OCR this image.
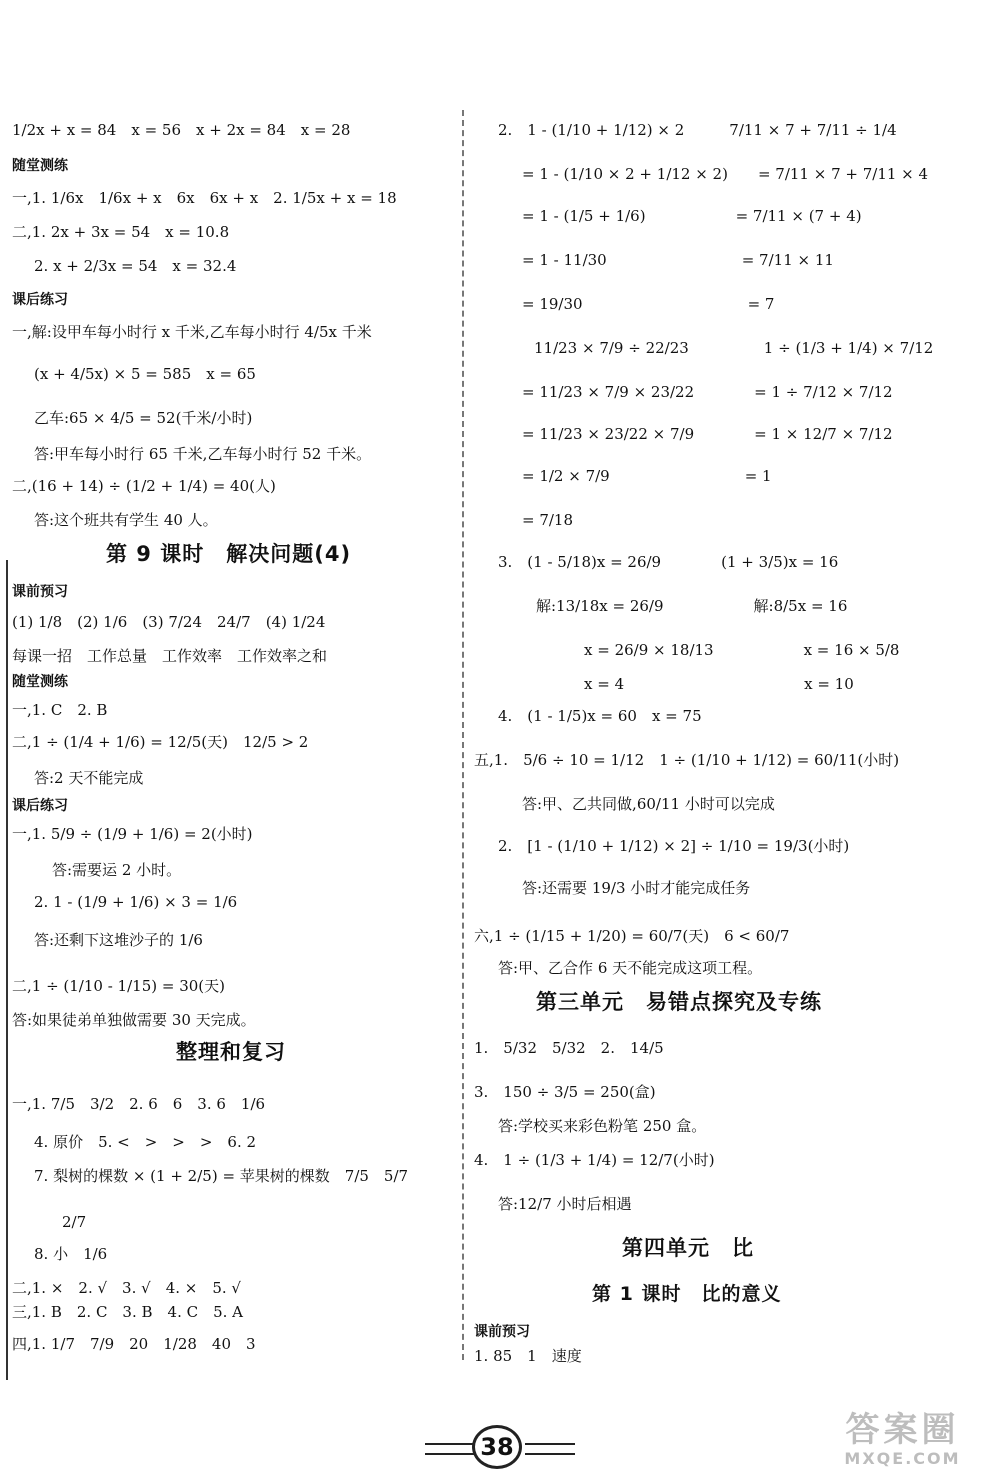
1/2x + x = 84　x = 56　x + 2x = 84　x = 28
随堂测练
一,1. 1/6x　1/6x + x　6x　6x + x　2. 1/5x + x = 18
二,1. 2x + 3x = 54　x = 10.8
2. x + 2/3x = 54　x = 32.4
课后练习
一,解:设甲车每小时行 x 千米,乙车每小时行 4/5x 千米
(x + 4/5x) × 5 = 585　x = 65
乙车:65 × 4/5 = 52(千米/小时)
答:甲车每小时行 65 千米,乙车每小时行 52 千米。
二,(16 + 14) ÷ (1/2 + 1/4) = 40(人)
答:这个班共有学生 40 人。
第 9 课时　解决问题(4)
课前预习
(1) 1/8　(2) 1/6　(3) 7/24　24/7　(4) 1/24
每课一招　工作总量　工作效率　工作效率之和
随堂测练
一,1. C　2. B
二,1 ÷ (1/4 + 1/6) = 12/5(天)　12/5 > 2
答:2 天不能完成
课后练习
一,1. 5/9 ÷ (1/9 + 1/6) = 2(小时)
答:需要运 2 小时。
2. 1 - (1/9 + 1/6) × 3 = 1/6
答:还剩下这堆沙子的 1/6
二,1 ÷ (1/10 - 1/15) = 30(天)
答:如果徒弟单独做需要 30 天完成。
整理和复习
一,1. 7/5　3/2　2. 6　6　3. 6　1/6
4. 原价　5. <　>　>　>　6. 2
7. 梨树的棵数 × (1 + 2/5) = 苹果树的棵数　7/5　5/7
2/7
8. 小　1/6
二,1. ×　2. √　3. √　4. ×　5. √
三,1. B　2. C　3. B　4. C　5. A
四,1. 1/7　7/9　20　1/28　40　3
2.　1 - (1/10 + 1/12) × 2　　　7/11 × 7 + 7/11 ÷ 1/4
= 1 - (1/10 × 2 + 1/12 × 2)　　= 7/11 × 7 + 7/11 × 4
= 1 - (1/5 + 1/6)　　　　　　= 7/11 × (7 + 4)
= 1 - 11/30　　　　　　　　　= 7/11 × 11
= 19/30　　　　　　　　　　　= 7
11/23 × 7/9 ÷ 22/23　　　　　1 ÷ (1/3 + 1/4) × 7/12
= 11/23 × 7/9 × 23/22　　　　= 1 ÷ 7/12 × 7/12
= 11/23 × 23/22 × 7/9　　　　= 1 × 12/7 × 7/12
= 1/2 × 7/9　　　　　　　　　= 1
= 7/18
3.　(1 - 5/18)x = 26/9　　　　(1 + 3/5)x = 16
解:13/18x = 26/9　　　　　　解:8/5x = 16
x = 26/9 × 18/13　　　　　　x = 16 × 5/8
x = 4　　　　　　　　　　　　x = 10
4.　(1 - 1/5)x = 60　x = 75
五,1.　5/6 ÷ 10 = 1/12　1 ÷ (1/10 + 1/12) = 60/11(小时)
答:甲、乙共同做,60/11 小时可以完成
2.　[1 - (1/10 + 1/12) × 2] ÷ 1/10 = 19/3(小时)
答:还需要 19/3 小时才能完成任务
六,1 ÷ (1/15 + 1/20) = 60/7(天)　6 < 60/7
答:甲、乙合作 6 天不能完成这项工程。
第三单元　易错点探究及专练
1.　5/32　5/32　2.　14/5
3.　150 ÷ 3/5 = 250(盒)
答:学校买来彩色粉笔 250 盒。
4.　1 ÷ (1/3 + 1/4) = 12/7(小时)
答:12/7 小时后相遇
第四单元　比
第 1 课时　比的意义
课前预习
1. 85　1　速度
38	答案圈
MXQE.COM
